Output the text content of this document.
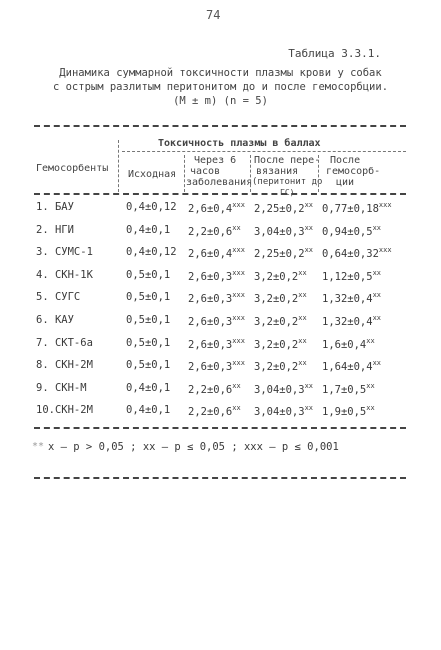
74
Таблица 3.3.1.
Динамика суммарной токсичности плазмы крови у собак
с острым разлитым перитонитом до и после гемосорбции.
(M ± m) (n = 5)
Гемосорбенты
Токсичность плазмы в баллах
Исходная
Через 6
часов
заболевания
После пере-
вязания
(перитонит до
ГС)
После
гемосорб-
ции
1. БАУ	0,4±0,12 $2,6\pm 0,4^{xxx}$ $2,25\pm 0,2^{xx}$ $0,77\pm 0,18^{xxx}$
2. НГИ	0,4±0,1 $2,2\pm 0,6^{xx}$ $3,04\pm 0,3^{xx}$ $0,94\pm 0,5^{xx}$
3. СУМС-1	0,4±0,12 $2,6\pm 0,4^{xxx}$ $2,25\pm 0,2^{xx}$ $0,64\pm 0,32^{xxx}$
4. СКН-1К	0,5±0,1 $2,6\pm 0,3^{xxx}$ $3,2\pm 0,2^{xx}$ $1,12\pm 0,5^{xx}$
5. СУГС	0,5±0,1 $2,6\pm 0,3^{xxx}$ $3,2\pm 0,2^{xx}$ $1,32\pm 0,4^{xx}$
6. КАУ	0,5±0,1 $2,6\pm 0,3^{xxx}$ $3,2\pm 0,2^{xx}$ $1,32\pm 0,4^{xx}$
7. СКТ-6а	0,5±0,1 $2,6\pm 0,3^{xxx}$ $3,2\pm 0,2^{xx}$ $1,6\pm 0,4^{xx}$
8. СКН-2М	0,5±0,1 $2,6\pm 0,3^{xxx}$ $3,2\pm 0,2^{xx}$ $1,64\pm 0,4^{xx}$
9. СКН-М	0,4±0,1 $2,2\pm 0,6^{xx}$ $3,04\pm 0,3^{xx}$ $1,7\pm 0,5^{xx}$
10.СКН-2М	0,4±0,1 $2,2\pm 0,6^{xx}$ $3,04\pm 0,3^{xx}$ $1,9\pm 0,5^{xx}$
** x – p > 0,05 ; xx – p ≤ 0,05 ; xxx – p ≤ 0,001
